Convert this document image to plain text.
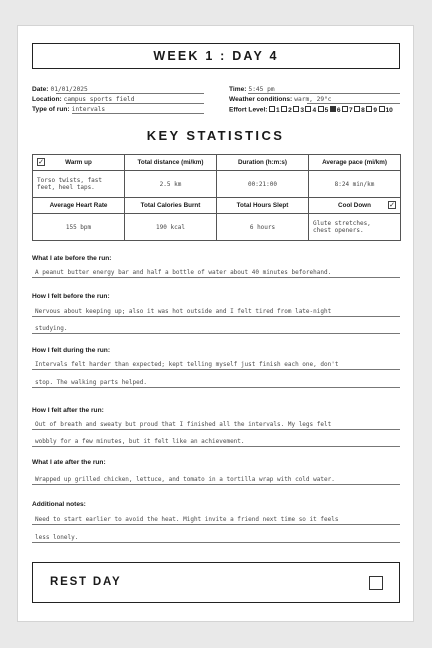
WEEK 1 : DAY 4
Date: 01/01/2025
Location: campus sports field
Type of run: intervals
Time: 5:45 pm
Weather conditions: warm, 29°c
Effort Level: 1 2 3 4 5 6 7 8 9 10
KEY STATISTICS
✓ Warm up	Total distance (mi/km)	Duration (h:m:s)	Average pace (mi/km)

Torso twists, fast
feet, heel taps.	2.5 km	00:21:00	8:24 min/km
Average Heart Rate	Total Calories Burnt	Total Hours Slept	Cool Down ✓

155 bpm	190 kcal	6 hours	Glute stretches,
chest openers.
What I ate before the run:
A peanut butter energy bar and half a bottle of water about 40 minutes beforehand.
How I felt before the run:
Nervous about keeping up; also it was hot outside and I felt tired from late-night
studying.
How I felt during the run:
Intervals felt harder than expected; kept telling myself just finish each one, don't
stop. The walking parts helped.
How I felt after the run:
Out of breath and sweaty but proud that I finished all the intervals. My legs felt
wobbly for a few minutes, but it felt like an achievement.
What I ate after the run:
Wrapped up grilled chicken, lettuce, and tomato in a tortilla wrap with cold water.
Additional notes:
Need to start earlier to avoid the heat. Might invite a friend next time so it feels
less lonely.
REST DAY
